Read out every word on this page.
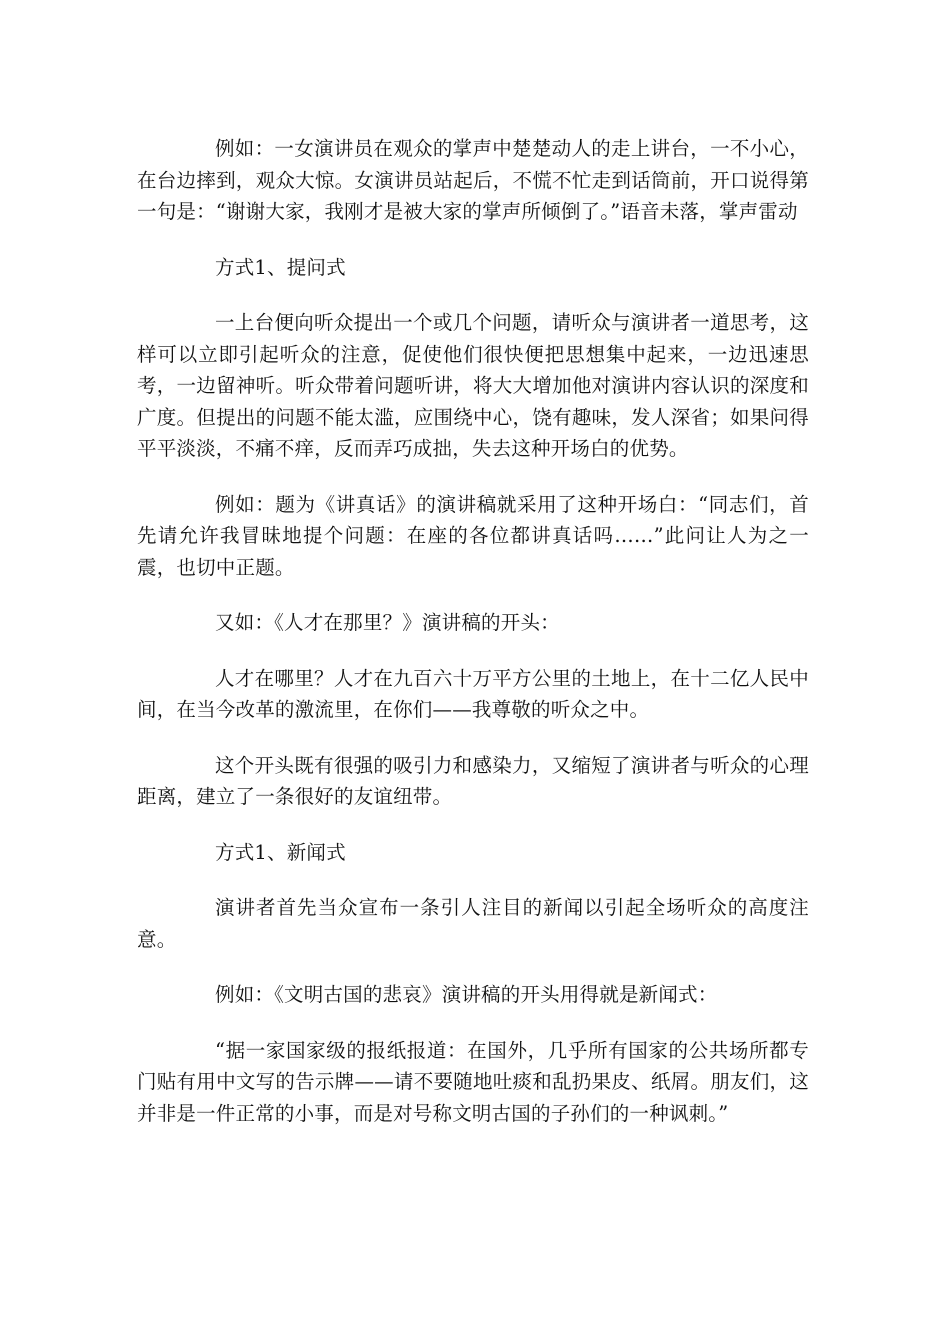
例如：一女演讲员在观众的掌声中楚楚动人的走上讲台，一不小心，在台边摔到，观众大惊。女演讲员站起后，不慌不忙走到话筒前，开口说得第一句是：“谢谢大家，我刚才是被大家的掌声所倾倒了。”语音未落，掌声雷动

方式1、提问式

一上台便向听众提出一个或几个问题，请听众与演讲者一道思考，这样可以立即引起听众的注意，促使他们很快便把思想集中起来，一边迅速思考，一边留神听。听众带着问题听讲，将大大增加他对演讲内容认识的深度和广度。但提出的问题不能太滥，应围绕中心，饶有趣味，发人深省；如果问得平平淡淡，不痛不痒，反而弄巧成拙，失去这种开场白的优势。

例如：题为《讲真话》的演讲稿就采用了这种开场白：“同志们，首先请允许我冒昧地提个问题：在座的各位都讲真话吗……”此问让人为之一震，也切中正题。

又如：《人才在那里？》演讲稿的开头：

人才在哪里？人才在九百六十万平方公里的土地上，在十二亿人民中间，在当今改革的激流里，在你们——我尊敬的听众之中。

这个开头既有很强的吸引力和感染力，又缩短了演讲者与听众的心理距离，建立了一条很好的友谊纽带。

方式1、新闻式

演讲者首先当众宣布一条引人注目的新闻以引起全场听众的高度注意。

例如：《文明古国的悲哀》演讲稿的开头用得就是新闻式：

“据一家国家级的报纸报道：在国外，几乎所有国家的公共场所都专门贴有用中文写的告示牌——请不要随地吐痰和乱扔果皮、纸屑。朋友们，这并非是一件正常的小事，而是对号称文明古国的子孙们的一种讽刺。”
